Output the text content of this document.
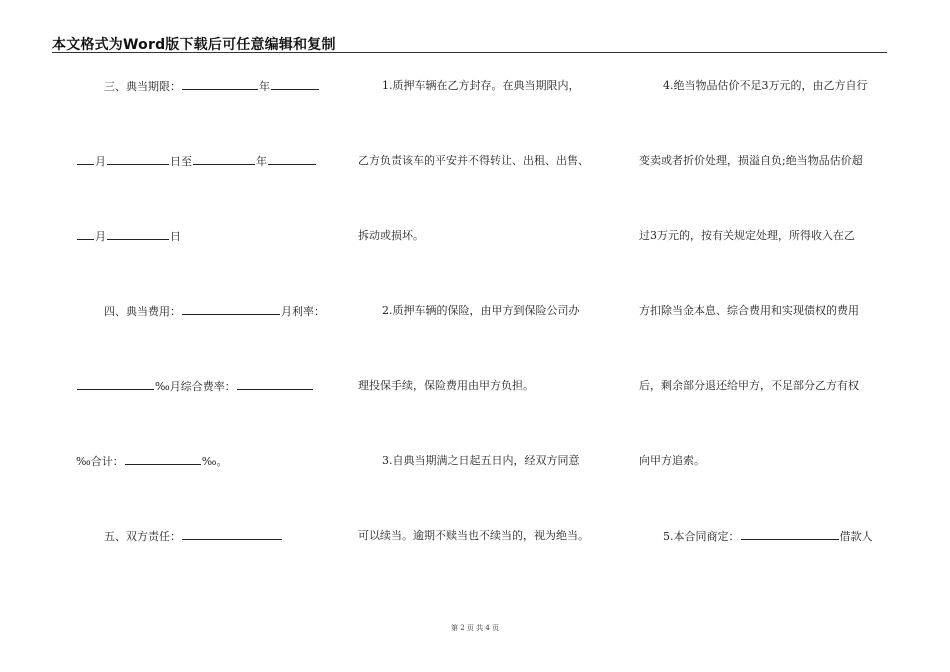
本文格式为Word版下载后可任意编辑和复制
三、典当期限：	年
月	日至	年
月	日
四、典当费用：	月利率：
‰月综合费率：
‰合计：	‰。
五、双方责任：
1.质押车辆在乙方封存。在典当期限内，
乙方负责该车的平安并不得转让、出租、出售、
拆动或损坏。
2.质押车辆的保险，由甲方到保险公司办
理投保手续，保险费用由甲方负担。
3.自典当期满之日起五日内，经双方同意
可以续当。逾期不赎当也不续当的，视为绝当。
4.绝当物品估价不足3万元的，由乙方自行
变卖或者折价处理，损溢自负;绝当物品估价超
过3万元的，按有关规定处理，所得收入在乙
方扣除当金本息、综合费用和实现债权的费用
后，剩余部分退还给甲方，不足部分乙方有权
向甲方追索。
5.本合同商定：	借款人
第 2 页 共 4 页
